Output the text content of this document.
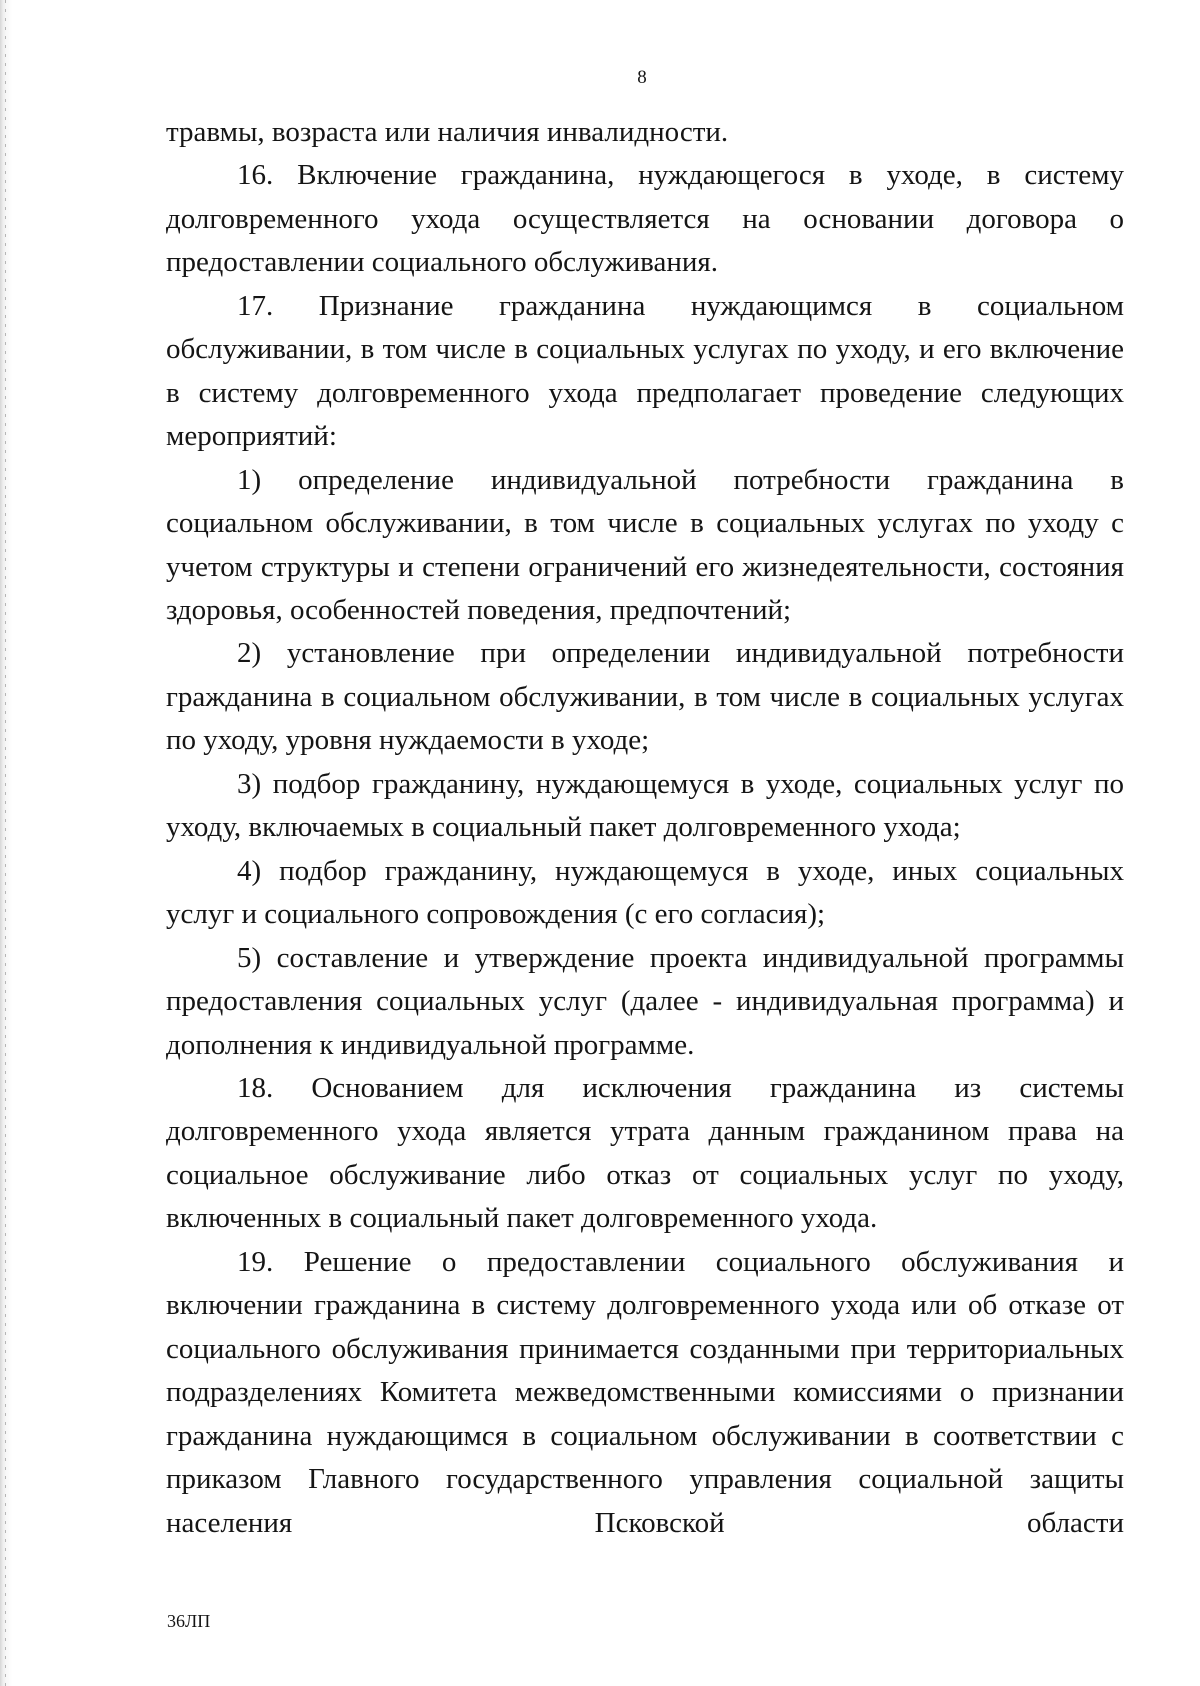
8

травмы, возраста или наличия инвалидности.

16. Включение гражданина, нуждающегося в уходе, в систему долговременного ухода осуществляется на основании договора о предоставлении социального обслуживания.

17. Признание гражданина нуждающимся в социальном обслуживании, в том числе в социальных услугах по уходу, и его включение в систему долговременного ухода предполагает проведение следующих мероприятий:

1) определение индивидуальной потребности гражданина в социальном обслуживании, в том числе в социальных услугах по уходу с учетом структуры и степени ограничений его жизнедеятельности, состояния здоровья, особенностей поведения, предпочтений;

2) установление при определении индивидуальной потребности гражданина в социальном обслуживании, в том числе в социальных услугах по уходу, уровня нуждаемости в уходе;

3) подбор гражданину, нуждающемуся в уходе, социальных услуг по уходу, включаемых в социальный пакет долговременного ухода;

4) подбор гражданину, нуждающемуся в уходе, иных социальных услуг и социального сопровождения (с его согласия);

5) составление и утверждение проекта индивидуальной программы предоставления социальных услуг (далее - индивидуальная программа) и дополнения к индивидуальной программе.

18. Основанием для исключения гражданина из системы долговременного ухода является утрата данным гражданином права на социальное обслуживание либо отказ от социальных услуг по уходу, включенных в социальный пакет долговременного ухода.

19. Решение о предоставлении социального обслуживания и включении гражданина в систему долговременного ухода или об отказе от социального обслуживания принимается созданными при территориальных подразделениях Комитета межведомственными комиссиями о признании гражданина нуждающимся в социальном обслуживании в соответствии с приказом Главного государственного управления социальной защиты населения Псковской области

36ЛП
